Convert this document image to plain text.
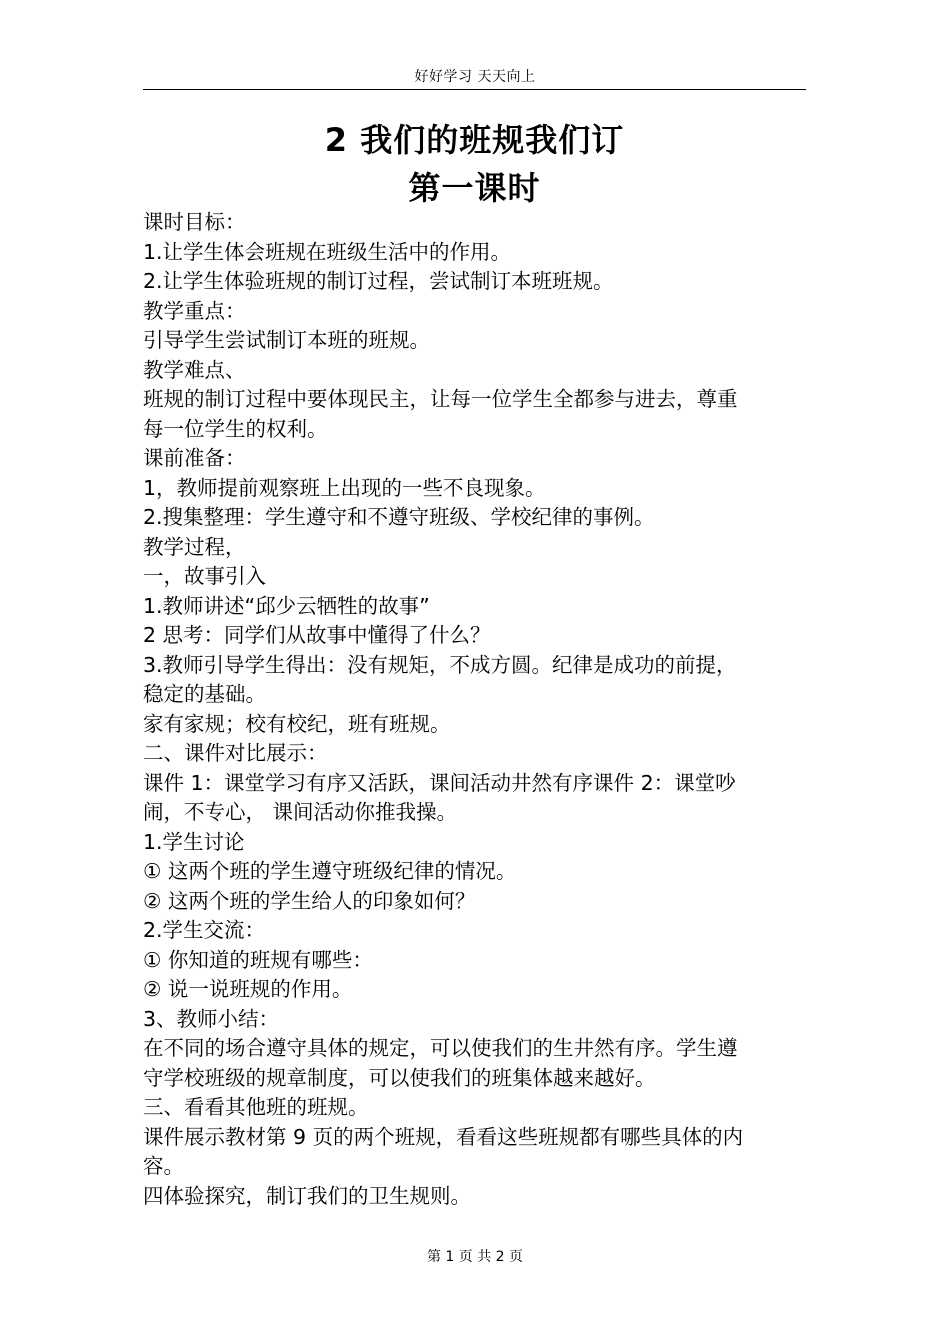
好好学习 天天向上
2 我们的班规我们订
第一课时

课时目标：

1.让学生体会班规在班级生活中的作用。

2.让学生体验班规的制订过程，尝试制订本班班规。

教学重点：

引导学生尝试制订本班的班规。

教学难点、

班规的制订过程中要体现民主，让每一位学生全都参与进去，尊重

每一位学生的权利。

课前准备：

1，教师提前观察班上出现的一些不良现象。

2.搜集整理：学生遵守和不遵守班级、学校纪律的事例。

教学过程，

一，故事引入

1.教师讲述“邱少云牺牲的故事”

2 思考：同学们从故事中懂得了什么？

3.教师引导学生得出：没有规矩，不成方圆。纪律是成功的前提，

稳定的基础。

家有家规；校有校纪，班有班规。

二、课件对比展示：

课件 1：课堂学习有序又活跃，课间活动井然有序课件 2：课堂吵

闹，不专心， 课间活动你推我操。

1.学生讨论

① 这两个班的学生遵守班级纪律的情况。

② 这两个班的学生给人的印象如何？

2.学生交流：

① 你知道的班规有哪些：

② 说一说班规的作用。

3、教师小结：

在不同的场合遵守具体的规定，可以使我们的生井然有序。学生遵

守学校班级的规章制度，可以使我们的班集体越来越好。

三、看看其他班的班规。

课件展示教材第 9 页的两个班规，看看这些班规都有哪些具体的内

容。

四体验探究，制订我们的卫生规则。

第 1 页 共 2 页
